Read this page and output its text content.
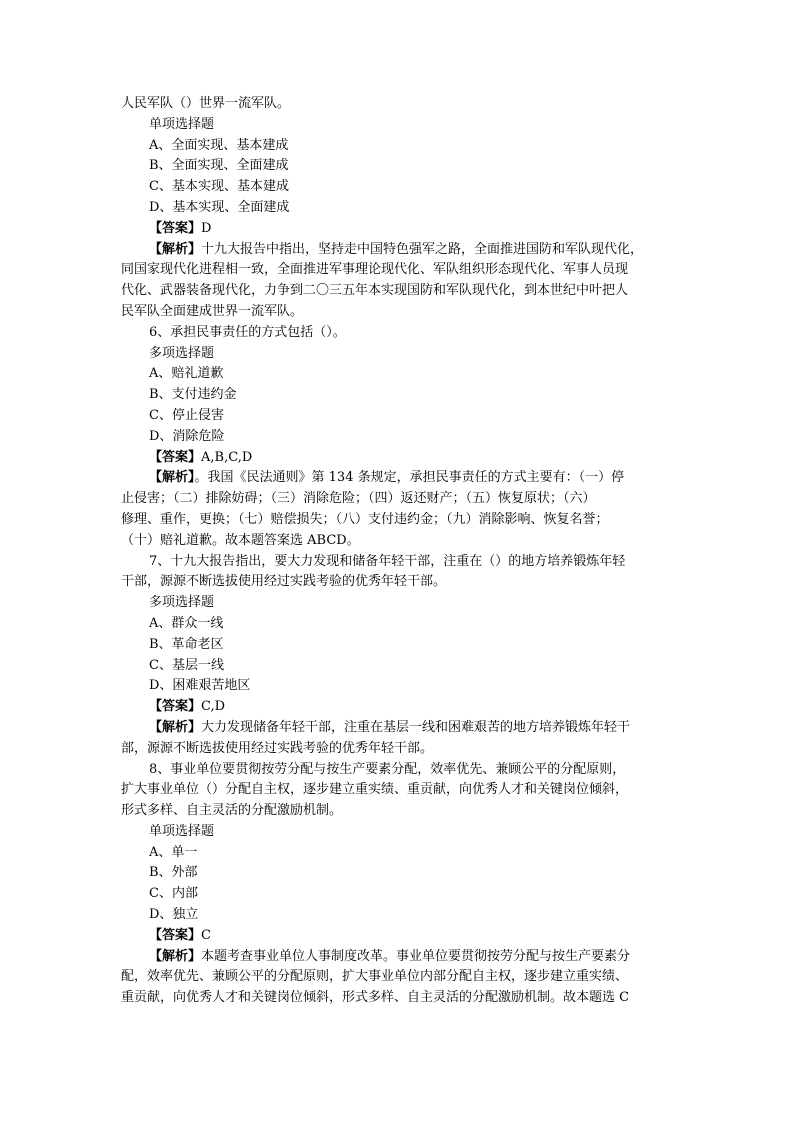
人民军队（）世界一流军队。
单项选择题
A、全面实现、基本建成
B、全面实现、全面建成
C、基本实现、基本建成
D、基本实现、全面建成
【答案】D
【解析】十九大报告中指出，坚持走中国特色强军之路，全面推进国防和军队现代化，
同国家现代化进程相一致，全面推进军事理论现代化、军队组织形态现代化、军事人员现
代化、武器装备现代化，力争到二〇三五年本实现国防和军队现代化，到本世纪中叶把人
民军队全面建成世界一流军队。
6、承担民事责任的方式包括（）。
多项选择题
A、赔礼道歉
B、支付违约金
C、停止侵害
D、消除危险
【答案】A,B,C,D
【解析】。我国《民法通则》第 134 条规定，承担民事责任的方式主要有：（一）停
止侵害；（二）排除妨碍；（三）消除危险；（四）返还财产；（五）恢复原状；（六）
修理、重作，更换；（七）赔偿损失；（八）支付违约金；（九）消除影响、恢复名誉；
（十）赔礼道歉。故本题答案选 ABCD。
7、十九大报告指出，要大力发现和储备年轻干部，注重在（）的地方培养锻炼年轻
干部，源源不断选拔使用经过实践考验的优秀年轻干部。
多项选择题
A、群众一线
B、革命老区
C、基层一线
D、困难艰苦地区
【答案】C,D
【解析】大力发现储备年轻干部，注重在基层一线和困难艰苦的地方培养锻炼年轻干
部，源源不断选拔使用经过实践考验的优秀年轻干部。
8、事业单位要贯彻按劳分配与按生产要素分配，效率优先、兼顾公平的分配原则，
扩大事业单位（）分配自主权，逐步建立重实绩、重贡献，向优秀人才和关键岗位倾斜，
形式多样、自主灵活的分配激励机制。
单项选择题
A、单一
B、外部
C、内部
D、独立
【答案】C
【解析】本题考查事业单位人事制度改革。事业单位要贯彻按劳分配与按生产要素分
配，效率优先、兼顾公平的分配原则，扩大事业单位内部分配自主权，逐步建立重实绩、
重贡献，向优秀人才和关键岗位倾斜，形式多样、自主灵活的分配激励机制。故本题选 C
